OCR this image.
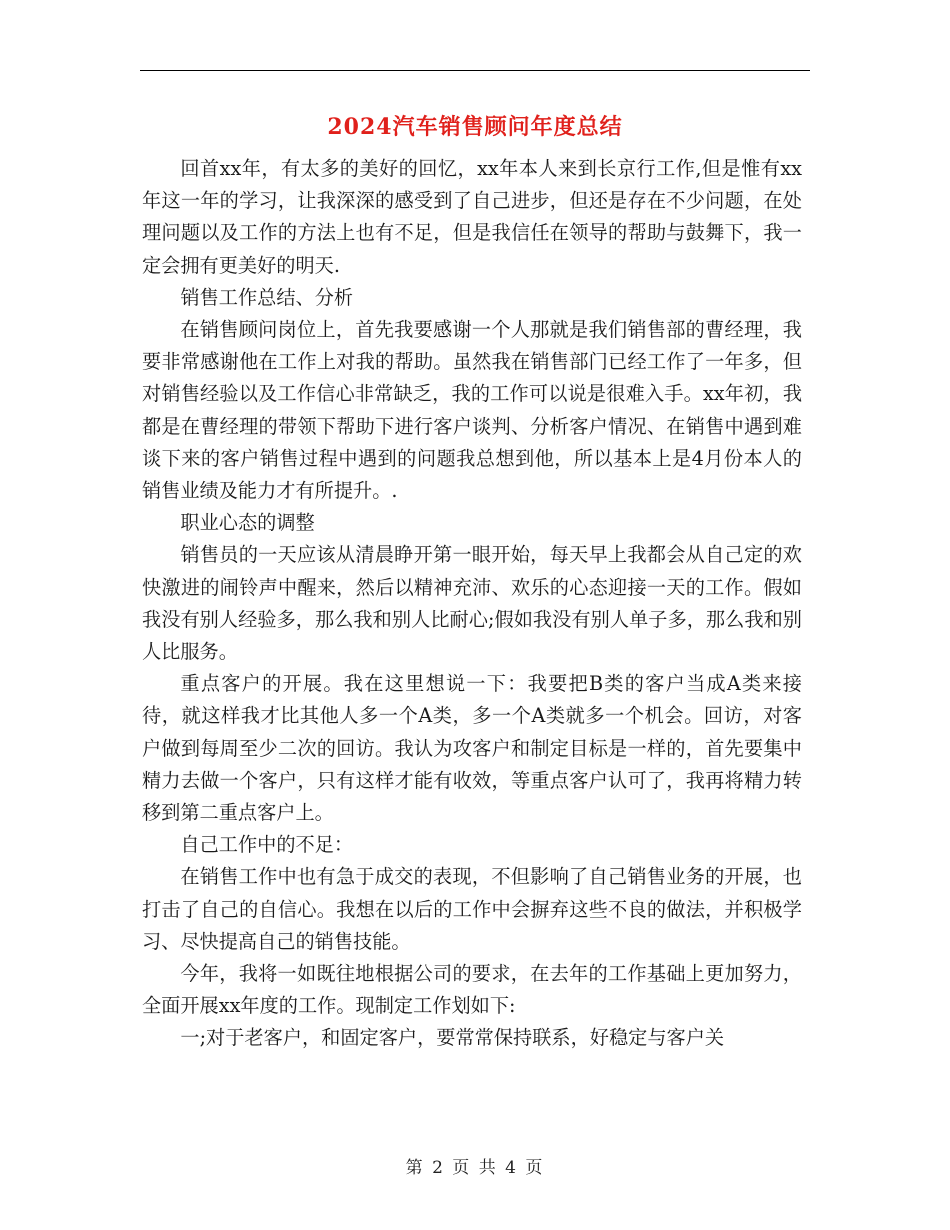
2024汽车销售顾问年度总结

回首xx年，有太多的美好的回忆，xx年本人来到长京行工作,但是惟有xx年这一年的学习，让我深深的感受到了自己进步，但还是存在不少问题，在处理问题以及工作的方法上也有不足，但是我信任在领导的帮助与鼓舞下，我一定会拥有更美好的明天.

销售工作总结、分析

在销售顾问岗位上，首先我要感谢一个人那就是我们销售部的曹经理，我要非常感谢他在工作上对我的帮助。虽然我在销售部门已经工作了一年多，但对销售经验以及工作信心非常缺乏，我的工作可以说是很难入手。xx年初，我都是在曹经理的带领下帮助下进行客户谈判、分析客户情况、在销售中遇到难谈下来的客户销售过程中遇到的问题我总想到他，所以基本上是4月份本人的销售业绩及能力才有所提升。.

职业心态的调整

销售员的一天应该从清晨睁开第一眼开始，每天早上我都会从自己定的欢快激进的闹铃声中醒来，然后以精神充沛、欢乐的心态迎接一天的工作。假如我没有别人经验多，那么我和别人比耐心;假如我没有别人单子多，那么我和别人比服务。

重点客户的开展。我在这里想说一下：我要把B类的客户当成A类来接待，就这样我才比其他人多一个A类，多一个A类就多一个机会。回访，对客户做到每周至少二次的回访。我认为攻客户和制定目标是一样的，首先要集中精力去做一个客户，只有这样才能有收效，等重点客户认可了，我再将精力转移到第二重点客户上。

自己工作中的不足：

在销售工作中也有急于成交的表现，不但影响了自己销售业务的开展，也打击了自己的自信心。我想在以后的工作中会摒弃这些不良的做法，并积极学习、尽快提高自己的销售技能。

今年，我将一如既往地根据公司的要求，在去年的工作基础上更加努力，全面开展xx年度的工作。现制定工作划如下:

一;对于老客户，和固定客户，要常常保持联系，好稳定与客户关

第 2 页 共 4 页
